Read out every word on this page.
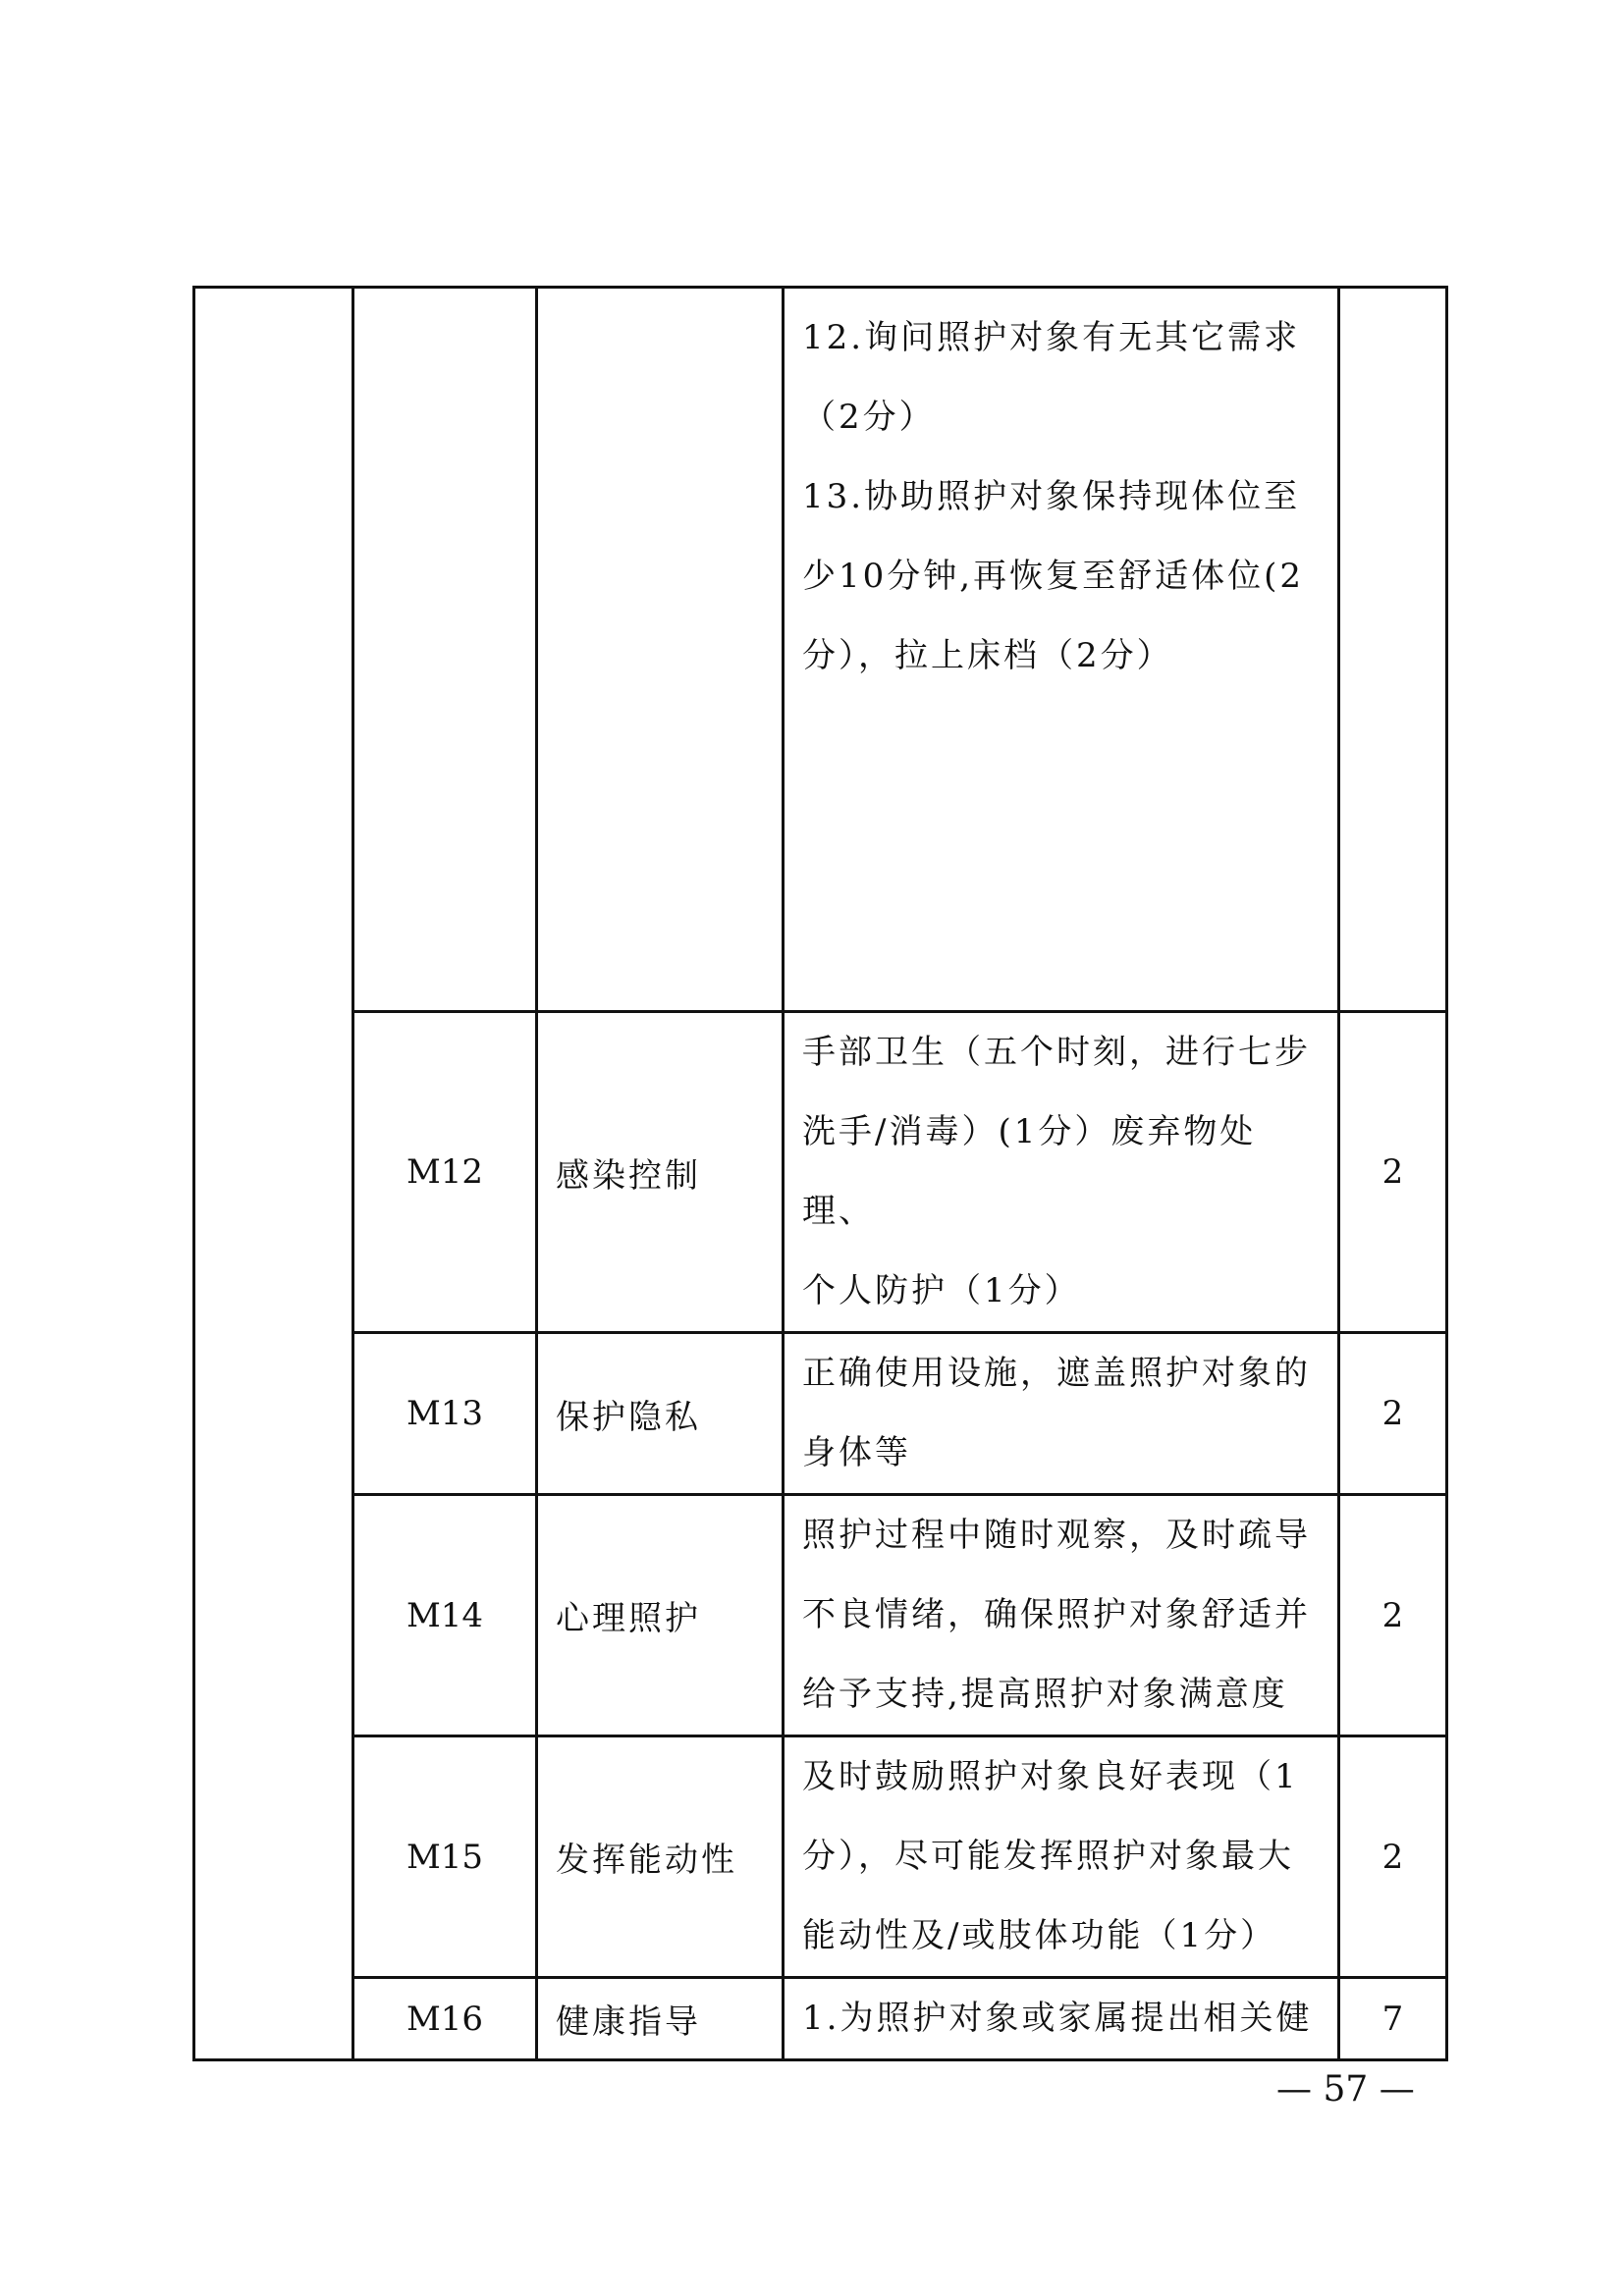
			12.询问照护对象有无其它需求

（2分）

13.协助照护对象保持现体位至

少10分钟,再恢复至舒适体位(2

分），拉上床档（2分）	

	M12	感染控制	手部卫生（五个时刻，进行七步

洗手/消毒）(1分）废弃物处理、

个人防护（1分）	2
	M13	保护隐私	正确使用设施，遮盖照护对象的

身体等	2
	M14	心理照护	照护过程中随时观察，及时疏导

不良情绪，确保照护对象舒适并

给予支持,提高照护对象满意度	2
	M15	发挥能动性	及时鼓励照护对象良好表现（1

分），尽可能发挥照护对象最大

能动性及/或肢体功能（1分）	2
	M16	健康指导	1.为照护对象或家属提出相关健	7
— 57 —
